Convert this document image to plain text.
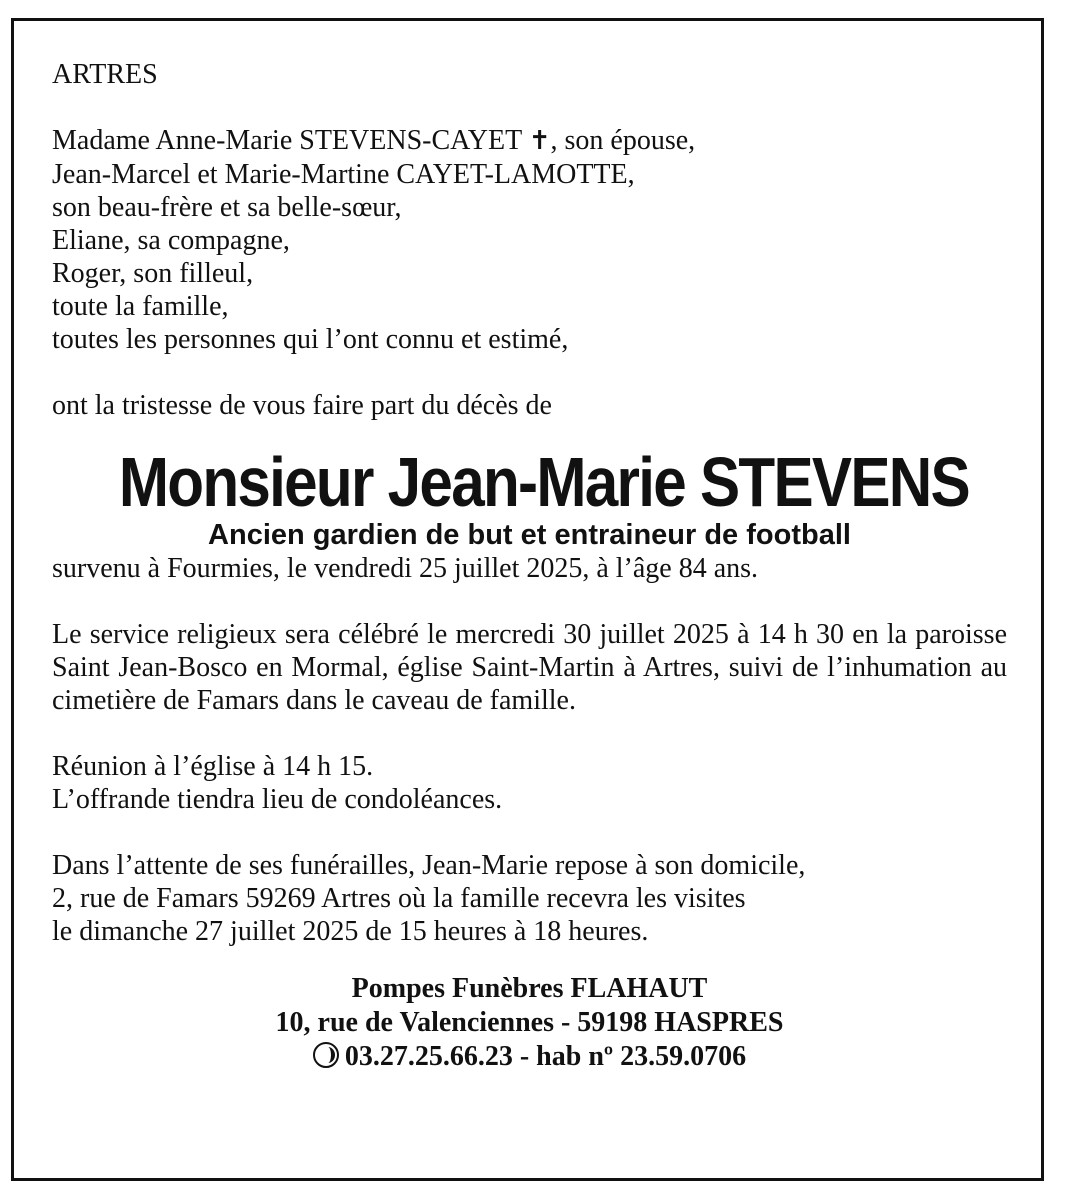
ARTRES
Madame Anne-Marie STEVENS-CAYET ✝, son épouse,
Jean-Marcel et Marie-Martine CAYET-LAMOTTE,
son beau-frère et sa belle-sœur,
Eliane, sa compagne,
Roger, son filleul,
toute la famille,
toutes les personnes qui l’ont connu et estimé,
ont la tristesse de vous faire part du décès de
Monsieur Jean-Marie STEVENS
Ancien gardien de but et entraineur de football
survenu à Fourmies, le vendredi 25 juillet 2025, à l’âge 84 ans.
Le service religieux sera célébré le mercredi 30 juillet 2025 à 14 h 30 en la paroisse Saint Jean-Bosco en Mormal, église Saint-Martin à Artres, suivi de l’inhumation au cimetière de Famars dans le caveau de famille.
Réunion à l’église à 14 h 15.
L’offrande tiendra lieu de condoléances.
Dans l’attente de ses funérailles, Jean-Marie repose à son domicile,
2, rue de Famars 59269 Artres où la famille recevra les visites
le dimanche 27 juillet 2025 de 15 heures à 18 heures.
Pompes Funèbres FLAHAUT
10, rue de Valenciennes - 59198 HASPRES
03.27.25.66.23 - hab nº 23.59.0706
